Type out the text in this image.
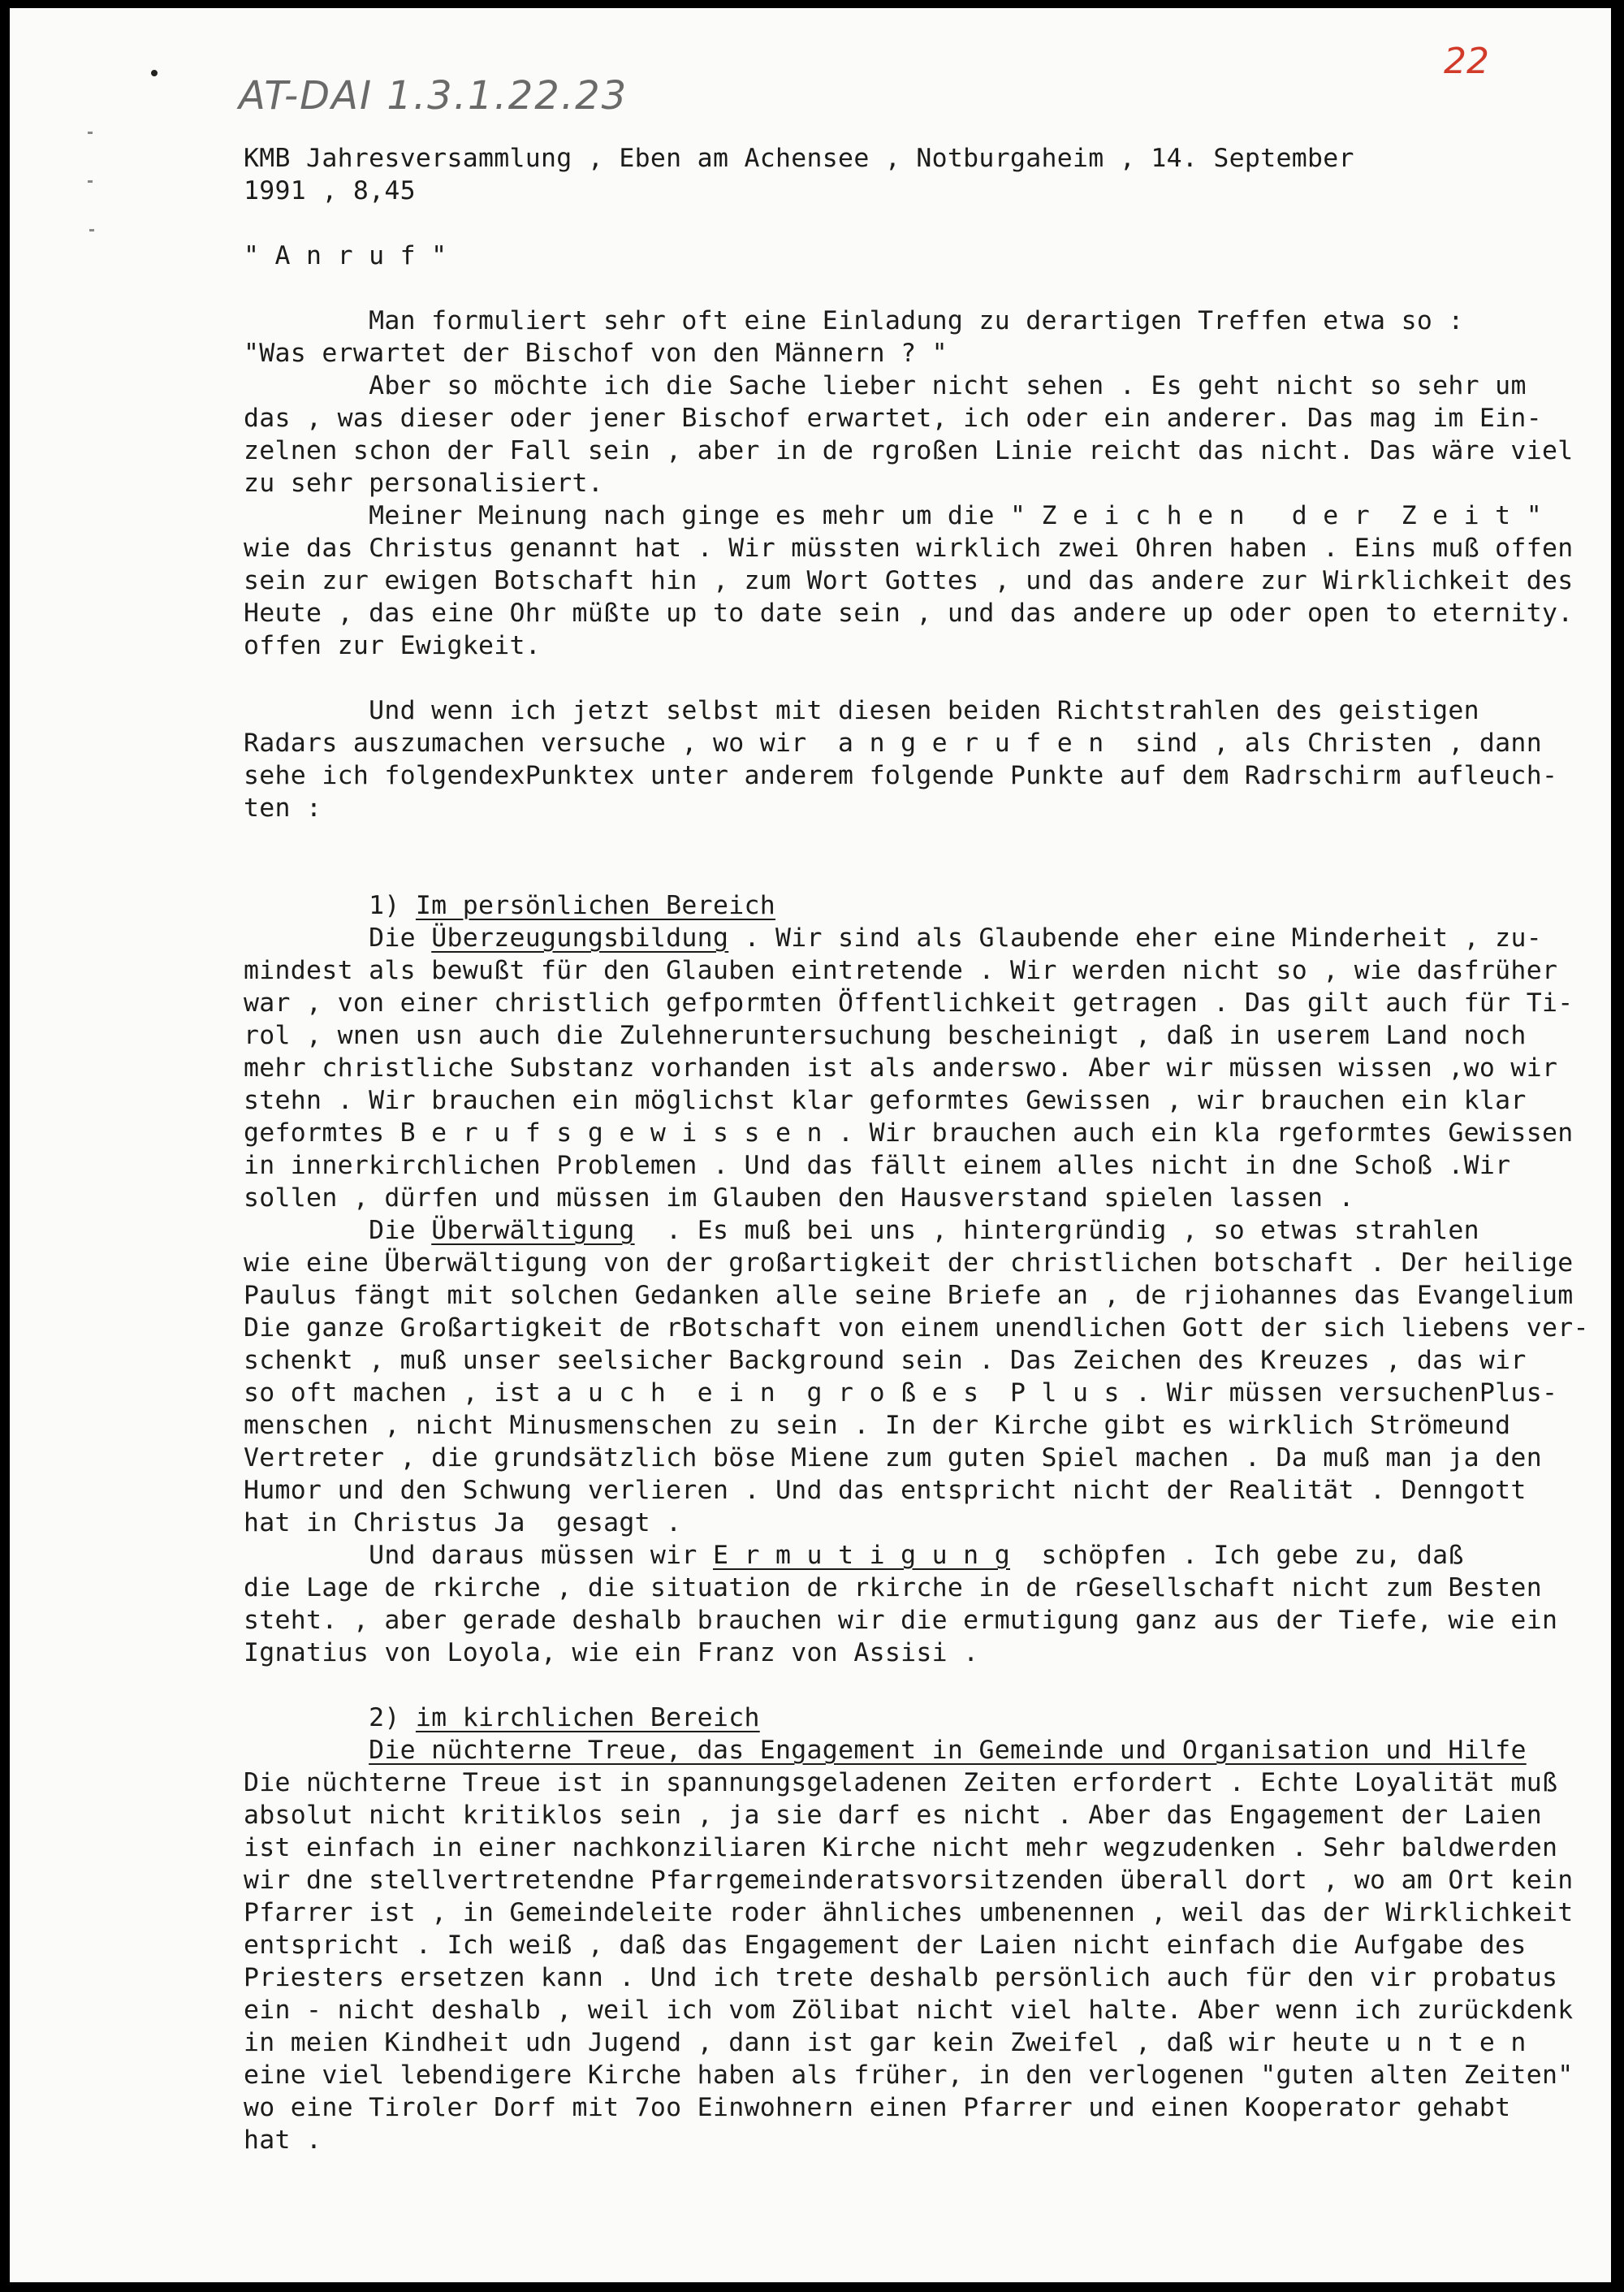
AT-DAI 1.3.1.22.23
22

KMB Jahresversammlung , Eben am Achensee , Notburgaheim , 14. September

1991 , 8,45

" A n r u f "

Man formuliert sehr oft eine Einladung zu derartigen Treffen etwa so :

"Was erwartet der Bischof von den Männern ? "

Aber so möchte ich die Sache lieber nicht sehen . Es geht nicht so sehr um

das , was dieser oder jener Bischof erwartet, ich oder ein anderer. Das mag im Ein-

zelnen schon der Fall sein , aber in de rgroßen Linie reicht das nicht. Das wäre viel

zu sehr personalisiert.

Meiner Meinung nach ginge es mehr um die " Z e i c h e n   d e r  Z e i t "

wie das Christus genannt hat . Wir müssten wirklich zwei Ohren haben . Eins muß offen

sein zur ewigen Botschaft hin , zum Wort Gottes , und das andere zur Wirklichkeit des

Heute , das eine Ohr müßte up to date sein , und das andere up oder open to eternity.

offen zur Ewigkeit.

Und wenn ich jetzt selbst mit diesen beiden Richtstrahlen des geistigen

Radars auszumachen versuche , wo wir  a n g e r u f e n  sind , als Christen , dann

sehe ich folgendexPunktex unter anderem folgende Punkte auf dem Radrschirm aufleuch-

ten :

1) Im persönlichen Bereich

Die Überzeugungsbildung . Wir sind als Glaubende eher eine Minderheit , zu-

mindest als bewußt für den Glauben eintretende . Wir werden nicht so , wie dasfrüher

war , von einer christlich gefpormten Öffentlichkeit getragen . Das gilt auch für Ti-

rol , wnen usn auch die Zulehneruntersuchung bescheinigt , daß in userem Land noch

mehr christliche Substanz vorhanden ist als anderswo. Aber wir müssen wissen ,wo wir

stehn . Wir brauchen ein möglichst klar geformtes Gewissen , wir brauchen ein klar

geformtes B e r u f s g e w i s s e n . Wir brauchen auch ein kla rgeformtes Gewissen

in innerkirchlichen Problemen . Und das fällt einem alles nicht in dne Schoß .Wir

sollen , dürfen und müssen im Glauben den Hausverstand spielen lassen .

Die Überwältigung  . Es muß bei uns , hintergründig , so etwas strahlen

wie eine Überwältigung von der großartigkeit der christlichen botschaft . Der heilige

Paulus fängt mit solchen Gedanken alle seine Briefe an , de rjiohannes das Evangelium

Die ganze Großartigkeit de rBotschaft von einem unendlichen Gott der sich liebens ver-

schenkt , muß unser seelsicher Background sein . Das Zeichen des Kreuzes , das wir

so oft machen , ist a u c h  e i n  g r o ß e s  P l u s . Wir müssen versuchenPlus-

menschen , nicht Minusmenschen zu sein . In der Kirche gibt es wirklich Strömeund

Vertreter , die grundsätzlich böse Miene zum guten Spiel machen . Da muß man ja den

Humor und den Schwung verlieren . Und das entspricht nicht der Realität . Denngott

hat in Christus Ja  gesagt .

Und daraus müssen wir E r m u t i g u n g  schöpfen . Ich gebe zu, daß

die Lage de rkirche , die situation de rkirche in de rGesellschaft nicht zum Besten

steht. , aber gerade deshalb brauchen wir die ermutigung ganz aus der Tiefe, wie ein

Ignatius von Loyola, wie ein Franz von Assisi .

2) im kirchlichen Bereich

Die nüchterne Treue, das Engagement in Gemeinde und Organisation und Hilfe

Die nüchterne Treue ist in spannungsgeladenen Zeiten erfordert . Echte Loyalität muß

absolut nicht kritiklos sein , ja sie darf es nicht . Aber das Engagement der Laien

ist einfach in einer nachkonziliaren Kirche nicht mehr wegzudenken . Sehr baldwerden

wir dne stellvertretendne Pfarrgemeinderatsvorsitzenden überall dort , wo am Ort kein

Pfarrer ist , in Gemeindeleite roder ähnliches umbenennen , weil das der Wirklichkeit

entspricht . Ich weiß , daß das Engagement der Laien nicht einfach die Aufgabe des

Priesters ersetzen kann . Und ich trete deshalb persönlich auch für den vir probatus

ein - nicht deshalb , weil ich vom Zölibat nicht viel halte. Aber wenn ich zurückdenk

in meien Kindheit udn Jugend , dann ist gar kein Zweifel , daß wir heute u n t e n

eine viel lebendigere Kirche haben als früher, in den verlogenen "guten alten Zeiten"

wo eine Tiroler Dorf mit 7oo Einwohnern einen Pfarrer und einen Kooperator gehabt

hat .
